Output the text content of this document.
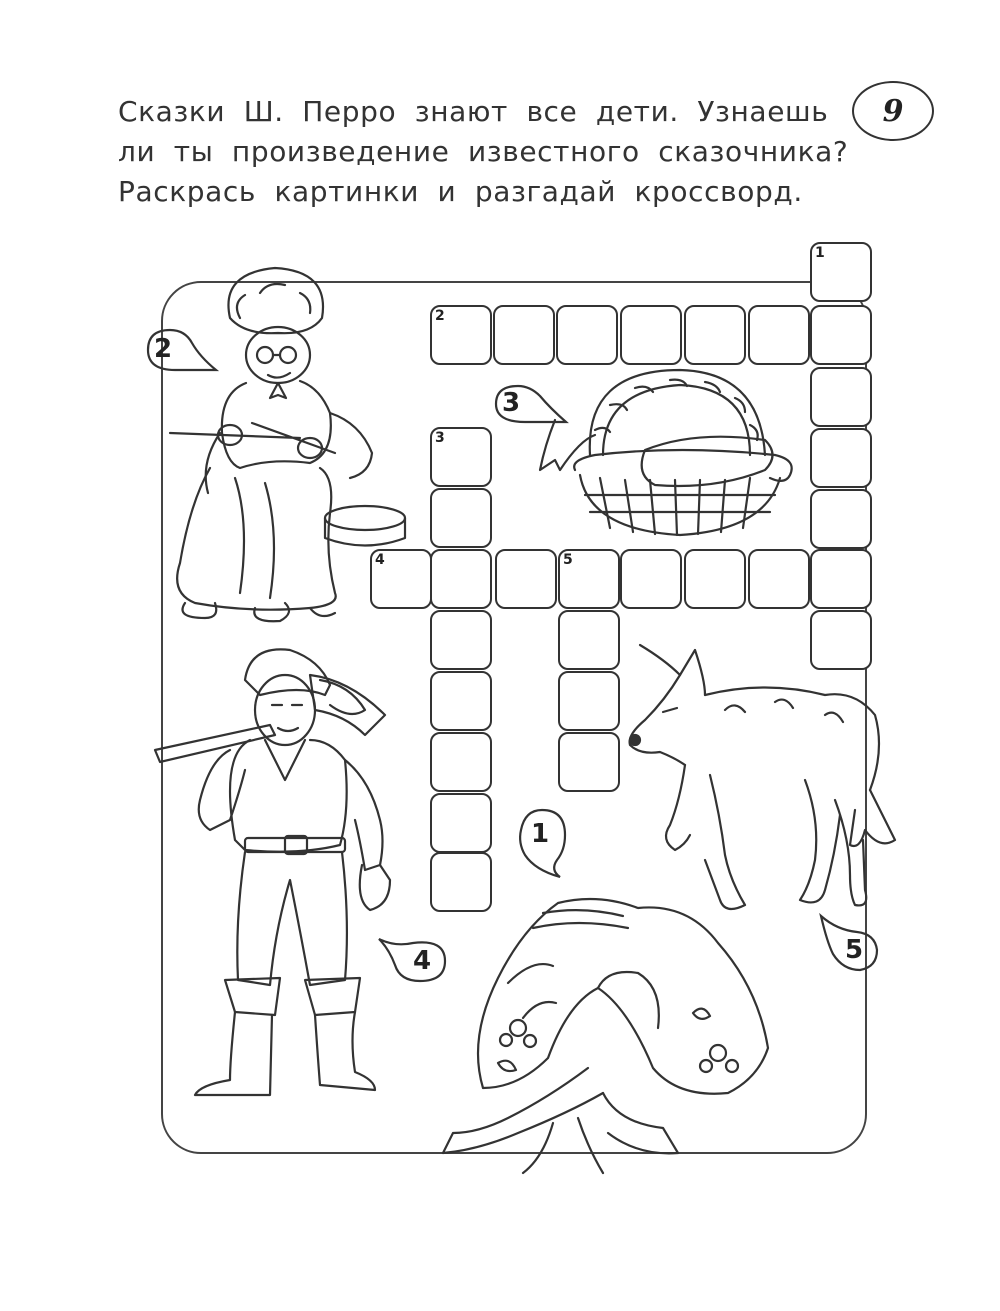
Сказки Ш. Перро знают все дети. Узнаешь
ли ты произведение известного сказочника?
Раскрась картинки и разгадай кроссворд.

9
2
3
1
4	5
1
2
3
4	5
